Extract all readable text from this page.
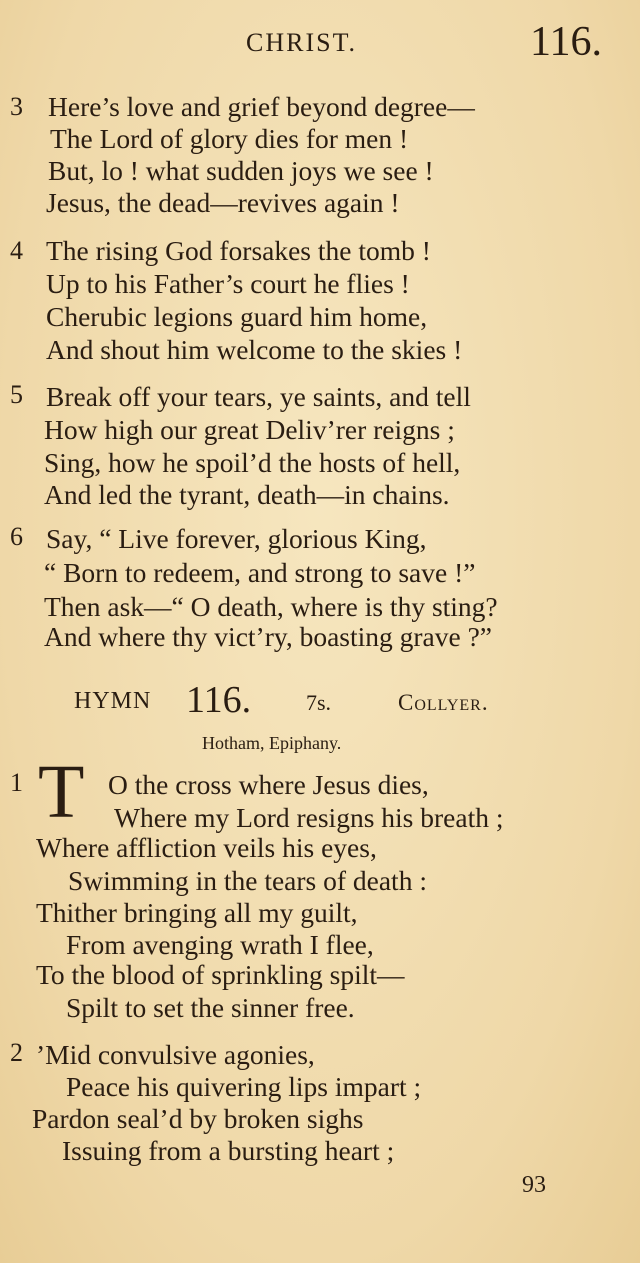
CHRIST.	116.
3 Here’s love and grief beyond degree—
The Lord of glory dies for men !
But, lo ! what sudden joys we see !
Jesus, the dead—revives again !
4 The rising God forsakes the tomb !
Up to his Father’s court he flies !
Cherubic legions guard him home,
And shout him welcome to the skies !
5 Break off your tears, ye saints, and tell
How high our great Deliv’rer reigns ;
Sing, how he spoil’d the hosts of hell,
And led the tyrant, death—in chains.
6 Say, “ Live forever, glorious King,
“ Born to redeem, and strong to save !”
Then ask—“ O death, where is thy sting?
And where thy vict’ry, boasting grave ?”
HYMN 116. 7s.	Collyer.
Hotham, Epiphany.
1 T O the cross where Jesus dies,
Where my Lord resigns his breath ;
Where affliction veils his eyes,
Swimming in the tears of death :
Thither bringing all my guilt,
From avenging wrath I flee,
To the blood of sprinkling spilt—
Spilt to set the sinner free.
2 ’Mid convulsive agonies,
Peace his quivering lips impart ;
Pardon seal’d by broken sighs
Issuing from a bursting heart ;
93
